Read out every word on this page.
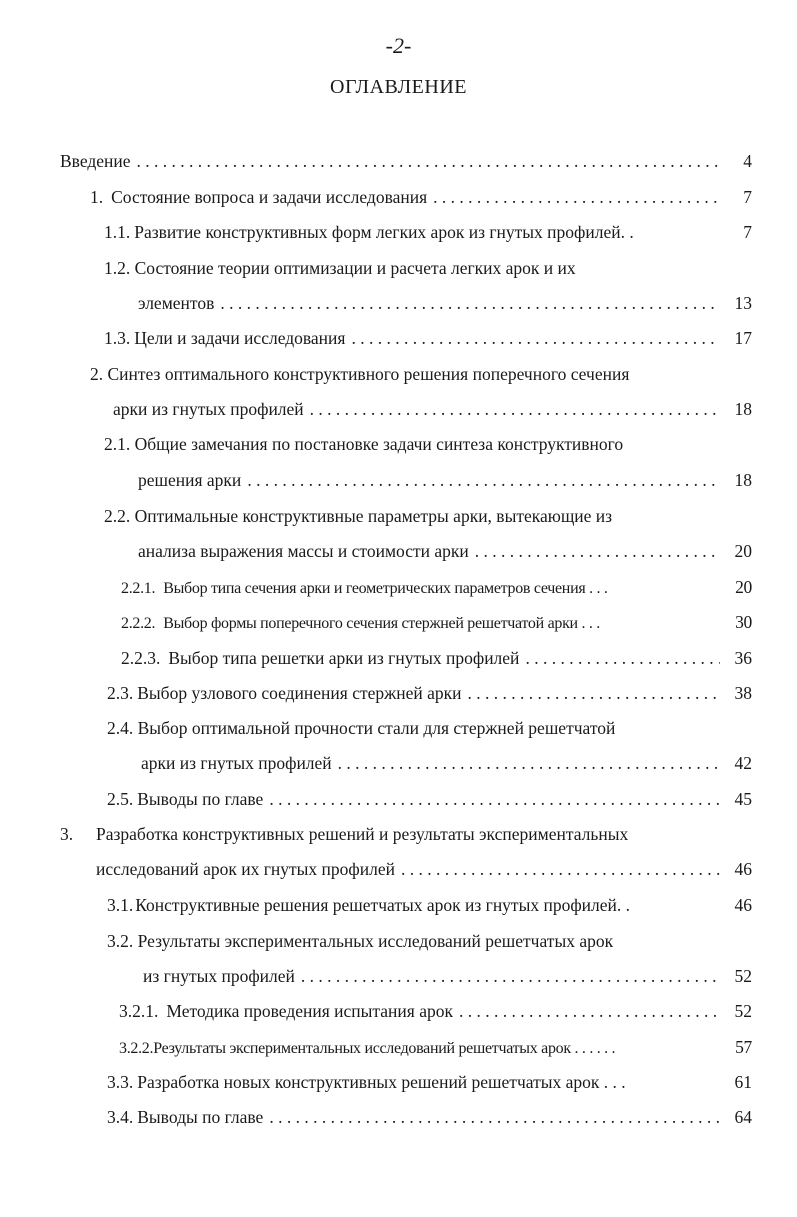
-2-
ОГЛАВЛЕНИЕ
Введение . . .	4
1. Состояние вопроса и задачи исследования . . .	7
1.1. Развитие конструктивных форм легких арок из гнутых профилей. .	7
1.2. Состояние теории оптимизации и расчета легких арок и их
элементов . . .	13
1.3. Цели и задачи исследования . . .	17
2. Синтез оптимального конструктивного решения поперечного сечения
арки из гнутых профилей . . .	18
2.1. Общие замечания по постановке задачи синтеза конструктивного
решения арки . . .	18
2.2. Оптимальные конструктивные параметры арки, вытекающие из
анализа выражения массы и стоимости арки . . .	20
2.2.1. Выбор типа сечения арки и геометрических параметров сечения . . .	20
2.2.2. Выбор формы поперечного сечения стержней решетчатой арки . . .	30
2.2.3. Выбор типа решетки арки из гнутых профилей . . .	36
2.3. Выбор узлового соединения стержней арки . . .	38
2.4. Выбор оптимальной прочности стали для стержней решетчатой
арки из гнутых профилей . . .	42
2.5. Выводы по главе . . .	45
3. Разработка конструктивных решений и результаты экспериментальных
исследований арок их гнутых профилей . . .	46
3.1. Конструктивные решения решетчатых арок из гнутых профилей. .	46
3.2. Результаты экспериментальных исследований решетчатых арок
из гнутых профилей . . .	52
3.2.1. Методика проведения испытания арок . . .	52
3.2.2. Результаты экспериментальных исследований решетчатых арок . . . . . .	57
3.3. Разработка новых конструктивных решений решетчатых арок . . .	61
3.4. Выводы по главе . . .	64
